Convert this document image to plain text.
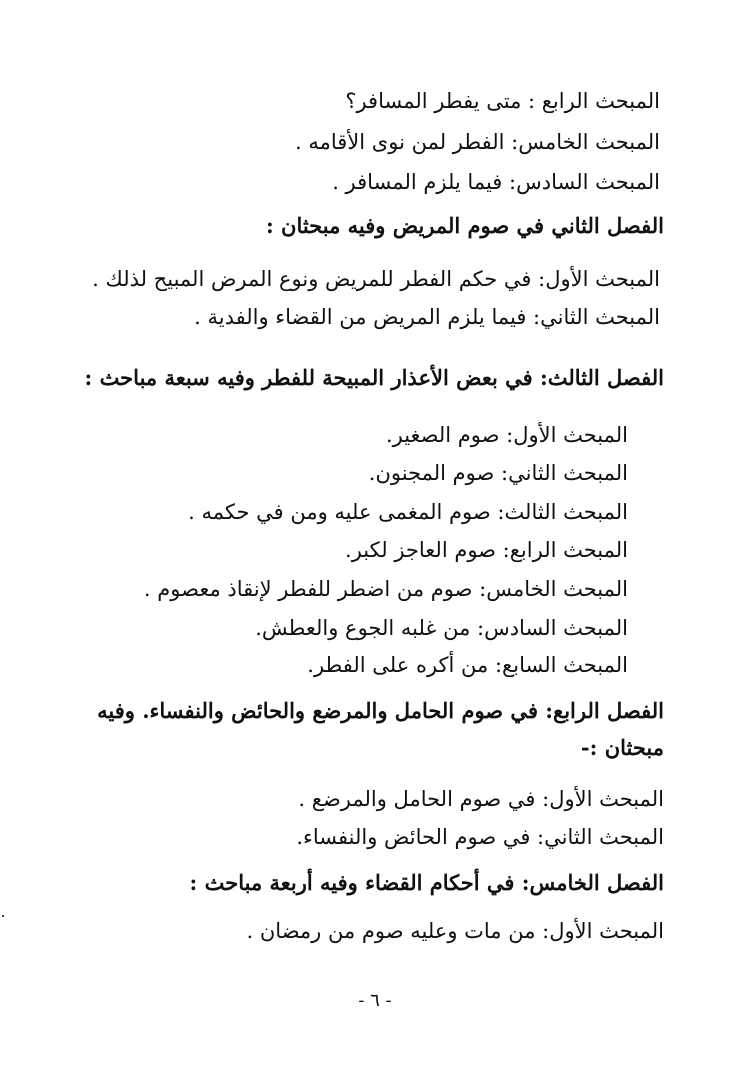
المبحث الرابع : متى يفطر المسافر؟
المبحث الخامس: الفطر لمن نوى الأقامه .
المبحث السادس: فيما يلزم المسافر .
الفصل الثاني في صوم المريض وفيه مبحثان :
المبحث الأول: في حكم الفطر للمريض ونوع المرض المبيح لذلك .
المبحث الثاني: فيما يلزم المريض من القضاء والفدية .
الفصل الثالث: في بعض الأعذار المبيحة للفطر وفيه سبعة مباحث :
المبحث الأول: صوم الصغير.
المبحث الثاني: صوم المجنون.
المبحث الثالث: صوم المغمى عليه ومن في حكمه .
المبحث الرابع: صوم العاجز لكبر.
المبحث الخامس: صوم من اضطر للفطر لإنقاذ معصوم .
المبحث السادس: من غلبه الجوع والعطش.
المبحث السابع: من أكره على الفطر.
الفصل الرابع: في صوم الحامل والمرضع والحائض والنفساء. وفيه
مبحثان :-
المبحث الأول: في صوم الحامل والمرضع .
المبحث الثاني: في صوم الحائض والنفساء.
الفصل الخامس: في أحكام القضاء وفيه أربعة مباحث :
المبحث الأول: من مات وعليه صوم من رمضان .
- ٦ -
